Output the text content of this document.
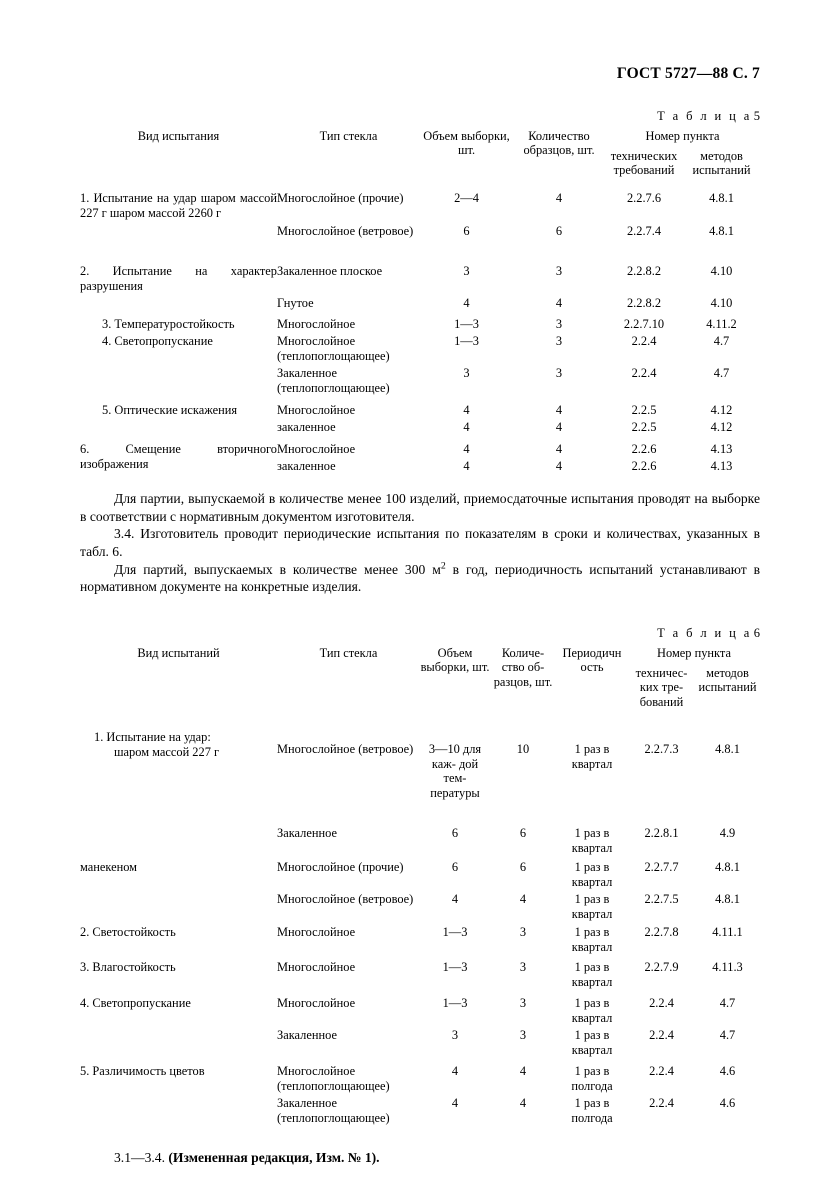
ГОСТ 5727—88 С. 7
Т а б л и ц а 5
Вид испытания	Тип стекла	Объем выборки, шт.	Количество образцов, шт.	Номер пункта	
				технических требований	методов испытаний

1. Испытание на удар шаром массой 227 г шаром массой 2260 г	Многослойное (прочие)	2—4	4	2.2.7.6	4.8.1
	Многослойное (ветровое)	6	6	2.2.7.4	4.8.1

2. Испытание на характер разрушения	Закаленное плоское	3	3	2.2.8.2	4.10
	Гнутое	4	4	2.2.8.2	4.10

3. Температуростойкость	Многослойное	1—3	3	2.2.7.10	4.11.2

4. Светопропускание	Многослойное (теплопоглощающее)	1—3	3	2.2.4	4.7
	Закаленное (теплопоглощающее)	3	3	2.2.4	4.7

5. Оптические искажения	Многослойное	4	4	2.2.5	4.12
	закаленное	4	4	2.2.5	4.12

6. Смещение вторичного изображения	Многослойное	4	4	2.2.6	4.13
	закаленное	4	4	2.2.6	4.13

Для партии, выпускаемой в количестве менее 100 изделий, приемосдаточные испытания проводят на выборке в соответствии с нормативным документом изготовителя.

3.4. Изготовитель проводит периодические испытания по показателям в сроки и количествах, указанных в табл. 6.

Для партий, выпускаемых в количестве менее 300 $м^2$ в год, периодичность испытаний устанавливают в нормативном документе на конкретные изделия.

Т а б л и ц а 6
Вид испытаний	Тип стекла	Объем выборки, шт.	Количе- ство об- разцов, шт.	Периодичн ость	Номер пункта	
					техничес- ких тре- бований	методов испытаний

1. Испытание на удар:
шаром массой 227 г	Многослойное (ветровое)	3—10 для каж- дой тем- пературы	10	1 раз в квартал	2.2.7.3	4.8.1
	Закаленное	6	6	1 раз в квартал	2.2.8.1	4.9

манекеном	Многослойное (прочие)	6	6	1 раз в квартал	2.2.7.7	4.8.1
	Многослойное (ветровое)	4	4	1 раз в квартал	2.2.7.5	4.8.1

2. Светостойкость	Многослойное	1—3	3	1 раз в квартал	2.2.7.8	4.11.1

3. Влагостойкость	Многослойное	1—3	3	1 раз в квартал	2.2.7.9	4.11.3

4. Светопропускание	Многослойное	1—3	3	1 раз в квартал	2.2.4	4.7
	Закаленное	3	3	1 раз в квартал	2.2.4	4.7

5. Различимость цветов	Многослойное (теплопоглощающее)	4	4	1 раз в полгода	2.2.4	4.6
	Закаленное (теплопоглощающее)	4	4	1 раз в полгода	2.2.4	4.6
3.1—3.4. (Измененная редакция, Изм. № 1).
